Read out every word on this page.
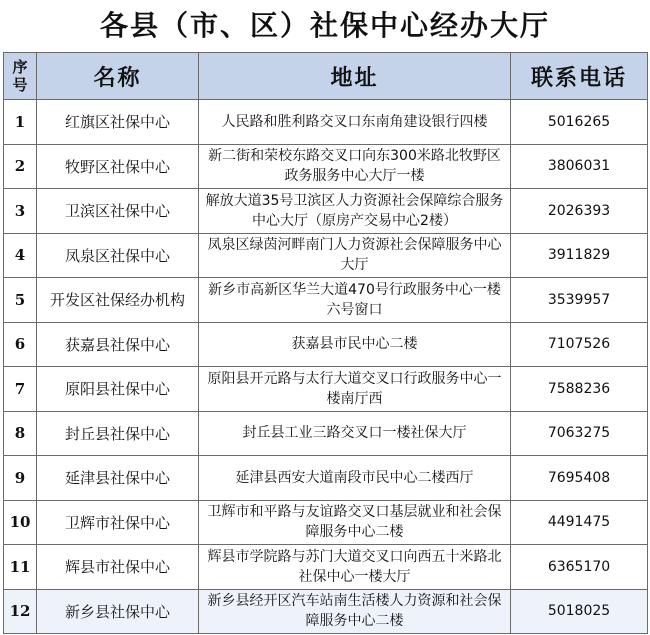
各县（市、区）社保中心经办大厅
序
号	名称	地址	联系电话
1	红旗区社保中心	人民路和胜利路交叉口东南角建设银行四楼	5016265
2	牧野区社保中心	新二街和荣校东路交叉口向东300米路北牧野区政务服务中心大厅一楼	3806031
3	卫滨区社保中心	解放大道35号卫滨区人力资源社会保障综合服务中心大厅（原房产交易中心2楼）	2026393
4	凤泉区社保中心	凤泉区绿茵河畔南门人力资源社会保障服务中心大厅	3911829
5	开发区社保经办机构	新乡市高新区华兰大道470号行政服务中心一楼六号窗口	3539957
6	获嘉县社保中心	获嘉县市民中心二楼	7107526
7	原阳县社保中心	原阳县开元路与太行大道交叉口行政服务中心一楼南厅西	7588236
8	封丘县社保中心	封丘县工业三路交叉口一楼社保大厅	7063275
9	延津县社保中心	延津县西安大道南段市民中心二楼西厅	7695408
10	卫辉市社保中心	卫辉市和平路与友谊路交叉口基层就业和社会保障服务中心二楼	4491475
11	辉县市社保中心	辉县市学院路与苏门大道交叉口向西五十米路北社保中心一楼大厅	6365170
12	新乡县社保中心	新乡县经开区汽车站南生活楼人力资源和社会保障服务中心二楼	5018025
